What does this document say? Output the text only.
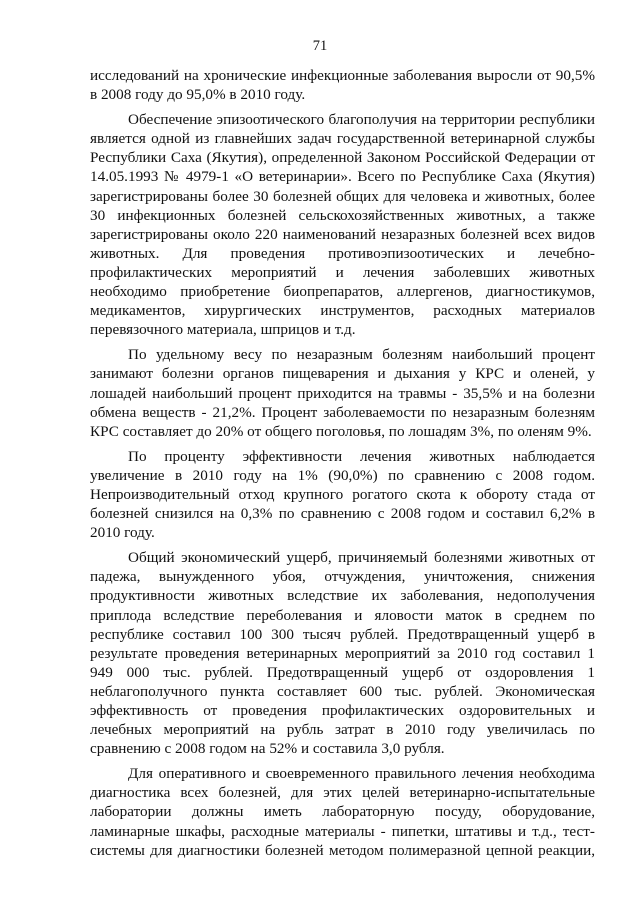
71

исследований на хронические инфекционные заболевания выросли от 90,5% в 2008 году до 95,0% в 2010 году.

Обеспечение эпизоотического благополучия на территории республики является одной из главнейших задач государственной ветеринарной службы Республики Саха (Якутия), определенной Законом Российской Федерации от 14.05.1993 № 4979-1 «О ветеринарии». Всего по Республике Саха (Якутия) зарегистрированы более 30 болезней общих для человека и животных, более 30 инфекционных болезней сельскохозяйственных животных, а также зарегистрированы около 220 наименований незаразных болезней всех видов животных. Для проведения противоэпизоотических и лечебно-профилактических мероприятий и лечения заболевших животных необходимо приобретение биопрепаратов, аллергенов, диагностикумов, медикаментов, хирургических инструментов, расходных материалов перевязочного материала, шприцов и т.д.

По удельному весу по незаразным болезням наибольший процент занимают болезни органов пищеварения и дыхания у КРС и оленей, у лошадей наибольший процент приходится на травмы - 35,5% и на болезни обмена веществ - 21,2%. Процент заболеваемости по незаразным болезням КРС составляет до 20% от общего поголовья, по лошадям 3%, по оленям 9%.

По проценту эффективности лечения животных наблюдается увеличение в 2010 году на 1% (90,0%) по сравнению с 2008 годом. Непроизводительный отход крупного рогатого скота к обороту стада от болезней снизился на 0,3% по сравнению с 2008 годом и составил 6,2% в 2010 году.

Общий экономический ущерб, причиняемый болезнями животных от падежа, вынужденного убоя, отчуждения, уничтожения, снижения продуктивности животных вследствие их заболевания, недополучения приплода вследствие переболевания и яловости маток в среднем по республике составил 100 300 тысяч рублей. Предотвращенный ущерб в результате проведения ветеринарных мероприятий за 2010 год составил 1 949 000 тыс. рублей. Предотвращенный ущерб от оздоровления 1 неблагополучного пункта составляет 600 тыс. рублей. Экономическая эффективность от проведения профилактических оздоровительных и лечебных мероприятий на рубль затрат в 2010 году увеличилась по сравнению с 2008 годом на 52% и составила 3,0 рубля.

Для оперативного и своевременного правильного лечения необходима диагностика всех болезней, для этих целей ветеринарно-испытательные лаборатории должны иметь лабораторную посуду, оборудование, ламинарные шкафы, расходные материалы - пипетки, штативы и т.д., тест-системы для диагностики болезней методом полимеразной цепной реакции,
